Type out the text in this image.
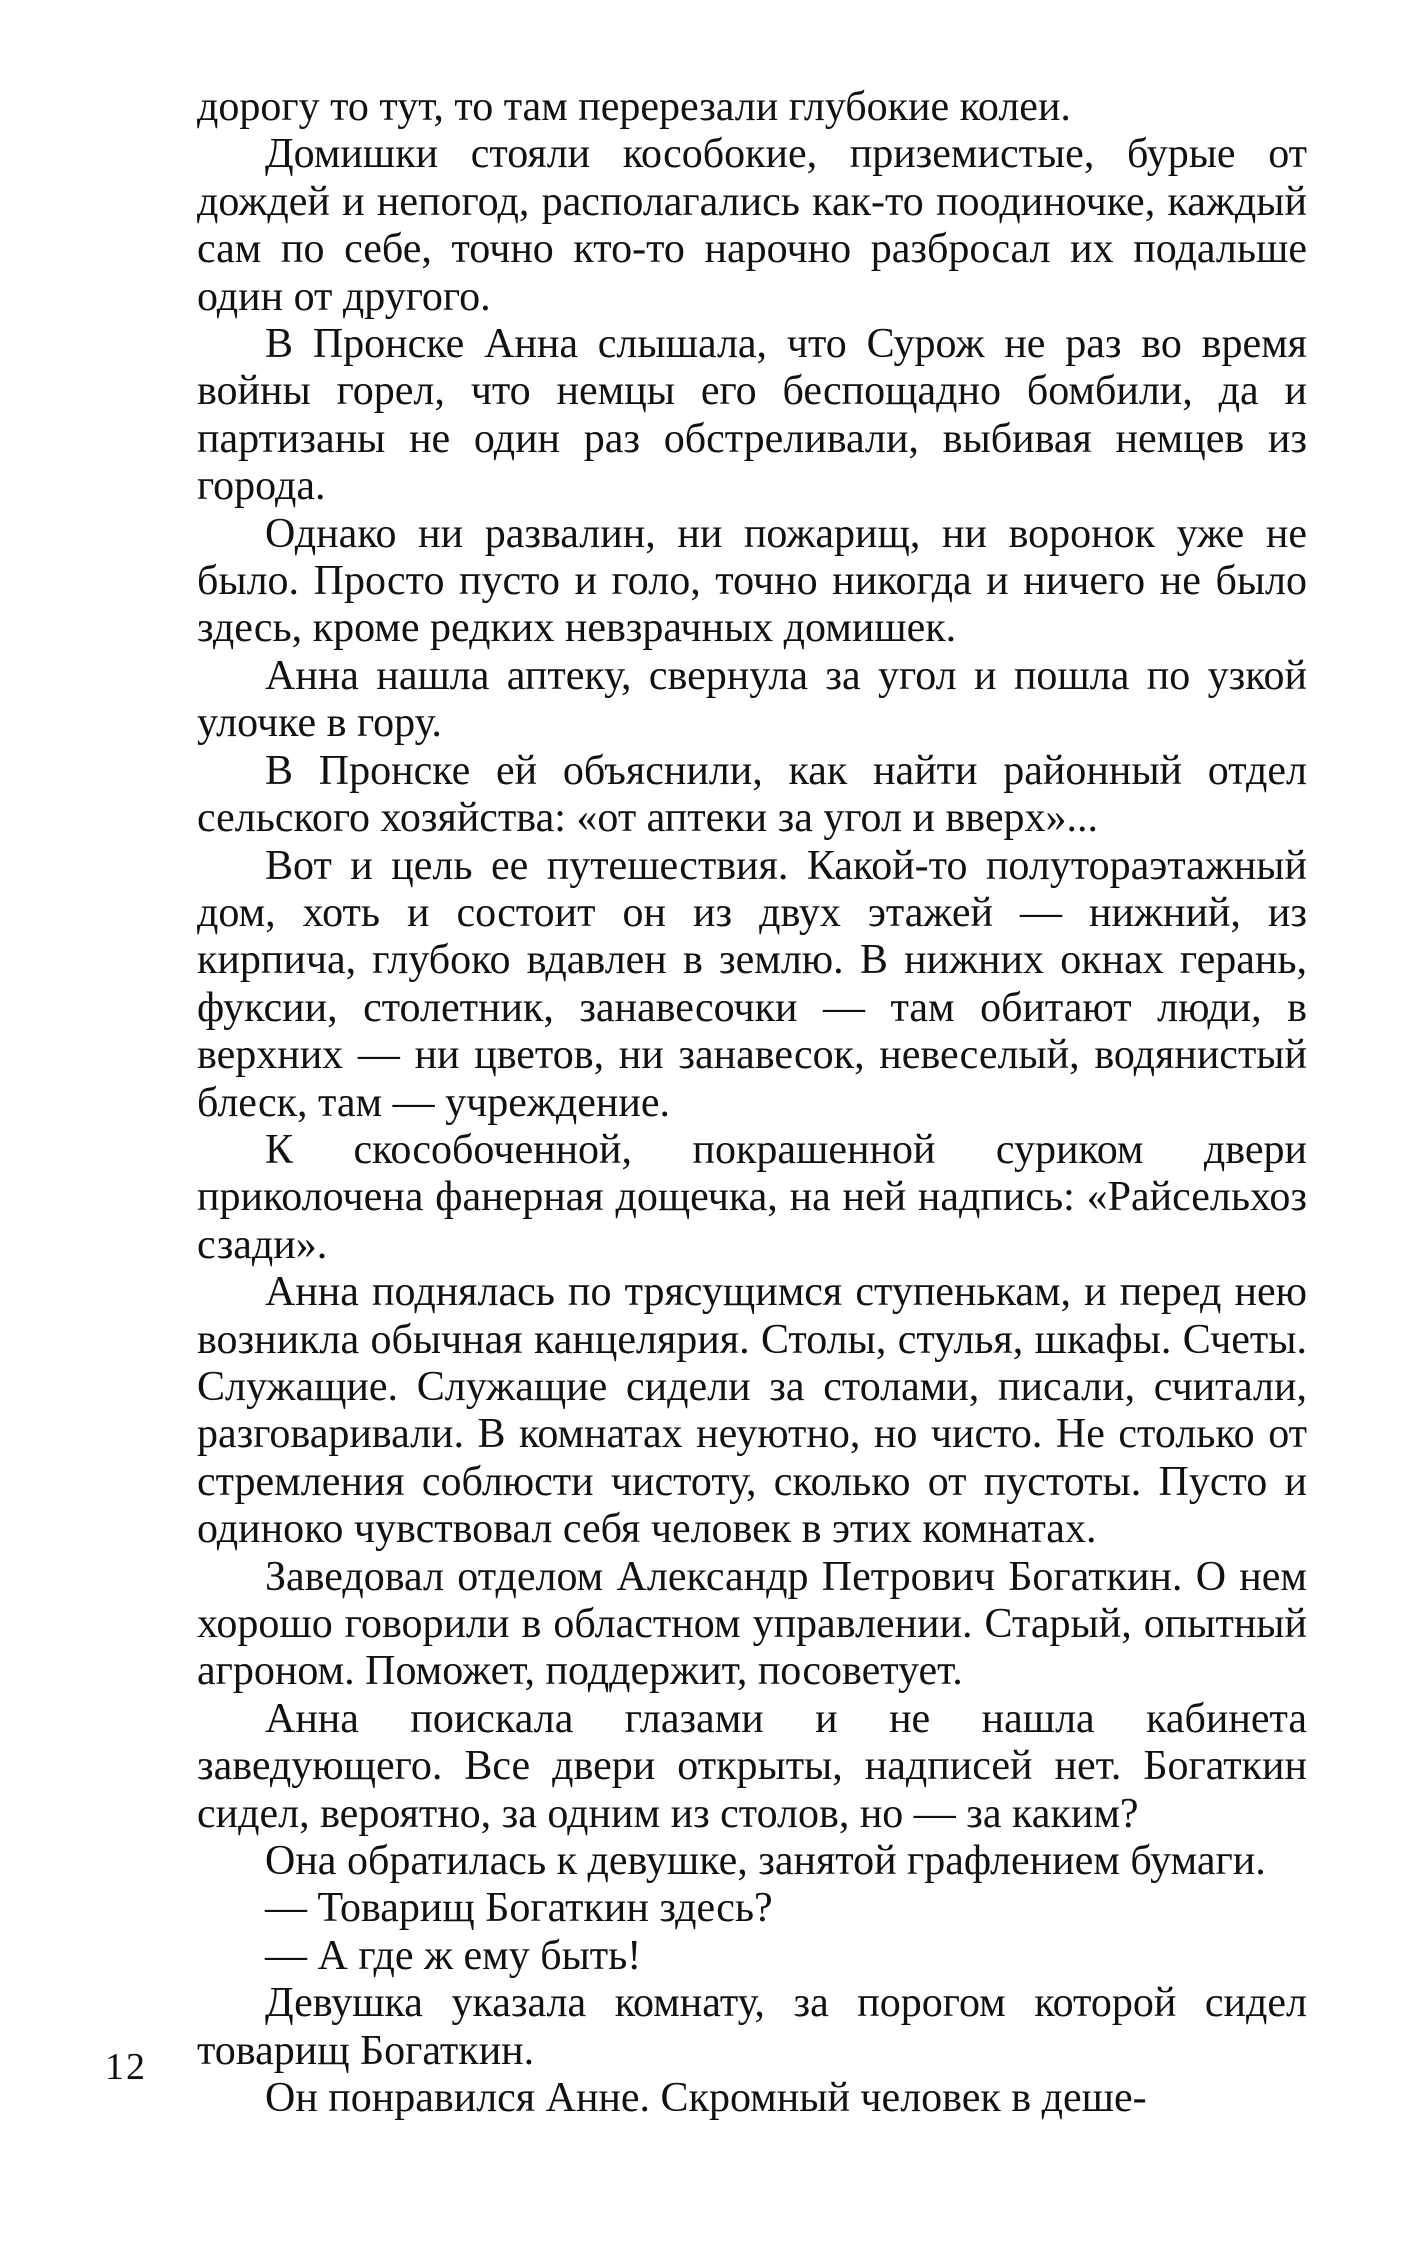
дорогу то тут, то там перерезали глубокие колеи.

Домишки стояли кособокие, приземистые, бурые от дождей и непогод, располагались как-то поодиночке, каждый сам по себе, точно кто-то нарочно разбросал их подальше один от другого.

В Пронске Анна слышала, что Сурож не раз во время войны горел, что немцы его беспощадно бомбили, да и партизаны не один раз обстреливали, выбивая немцев из города.

Однако ни развалин, ни пожарищ, ни воронок уже не было. Просто пусто и голо, точно никогда и ничего не было здесь, кроме редких невзрачных домишек.

Анна нашла аптеку, свернула за угол и пошла по узкой улочке в гору.

В Пронске ей объяснили, как найти районный отдел сельского хозяйства: «от аптеки за угол и вверх»...

Вот и цель ее путешествия. Какой-то полутораэтажный дом, хоть и состоит он из двух этажей — нижний, из кирпича, глубоко вдавлен в землю. В нижних окнах герань, фуксии, столетник, занавесочки — там обитают люди, в верхних — ни цветов, ни занавесок, невеселый, водянистый блеск, там — учреждение.

К скособоченной, покрашенной суриком двери приколочена фанерная дощечка, на ней надпись: «Райсельхоз сзади».

Анна поднялась по трясущимся ступенькам, и перед нею возникла обычная канцелярия. Столы, стулья, шкафы. Счеты. Служащие. Служащие сидели за столами, писали, считали, разговаривали. В комнатах неуютно, но чисто. Не столько от стремления соблюсти чистоту, сколько от пустоты. Пусто и одиноко чувствовал себя человек в этих комнатах.

Заведовал отделом Александр Петрович Богаткин. О нем хорошо говорили в областном управлении. Старый, опытный агроном. Поможет, поддержит, посоветует.

Анна поискала глазами и не нашла кабинета заведующего. Все двери открыты, надписей нет. Богаткин сидел, вероятно, за одним из столов, но — за каким?

Она обратилась к девушке, занятой графлением бумаги.

— Товарищ Богаткин здесь?

— А где ж ему быть!

Девушка указала комнату, за порогом которой сидел товарищ Богаткин.

Он понравился Анне. Скромный человек в деше-

12
